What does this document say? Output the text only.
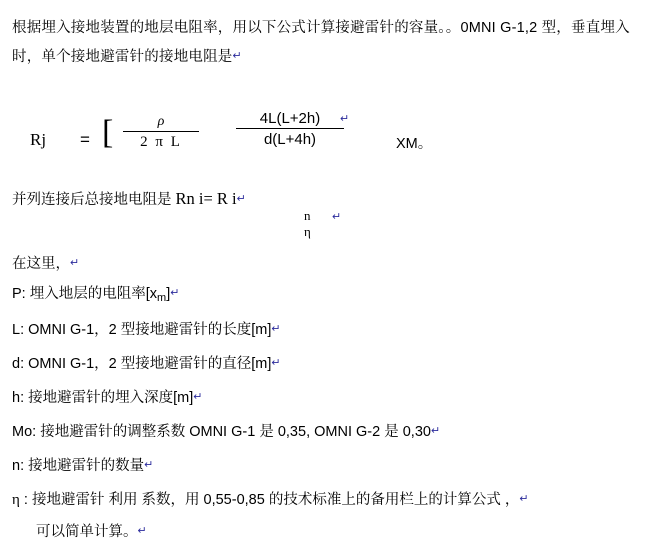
根据埋入接地装置的地层电阻率，用以下公式计算接避雷针的容量。。0MNI G-1,2 型，垂直埋入时，单个接地避雷针的接地电阻是↵
Rj = [	ρ
2 π L
4L(L+2h)
d(L+4h)
↵
XM。
并列连接后总接地电阻是 Rn i= R i↵
n η
↵
在这里，↵
P: 埋入地层的电阻率$[x_m]↵$
L: OMNI G-1，2 型接地避雷针的长度[m]↵
d: OMNI G-1，2 型接地避雷针的直径[m]↵
h: 接地避雷针的埋入深度[m]↵
Mo: 接地避雷针的调整系数 OMNI G-1 是 0,35, OMNI G-2 是 0,30↵
n: 接地避雷针的数量↵
η : 接地避雷针 利用 系数，用 0,55-0,85 的技术标准上的备用栏上的计算公式 ，↵
可以简单计算。↵
